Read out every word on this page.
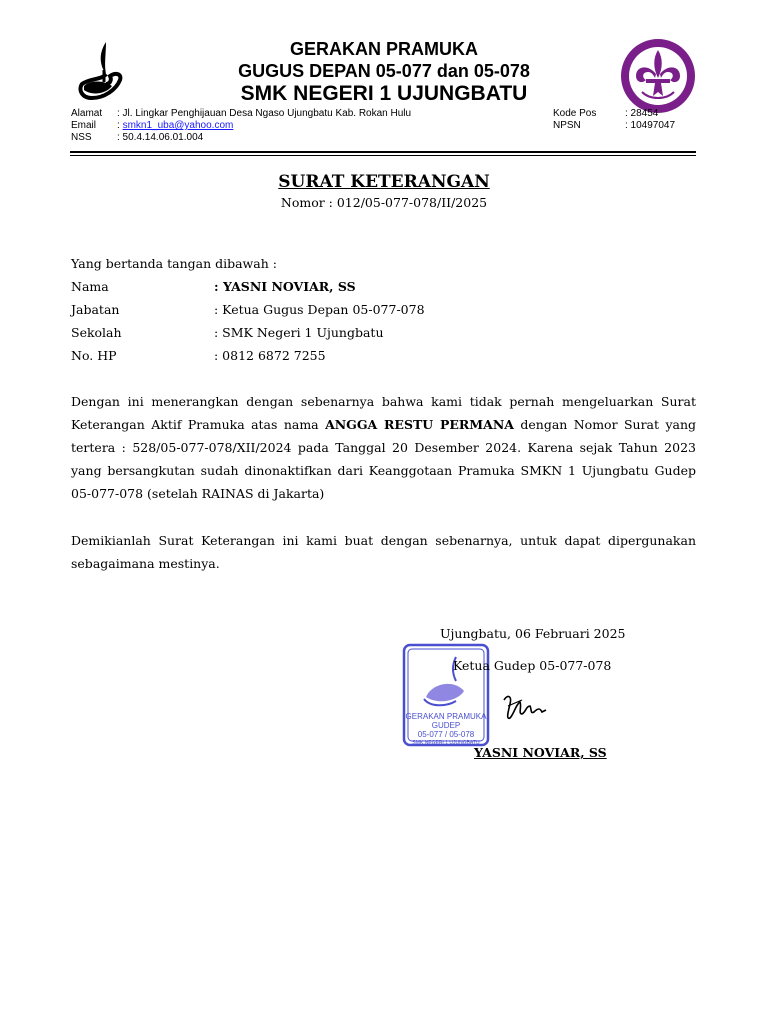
GERAKAN PRAMUKA
GUGUS DEPAN 05-077 dan 05-078
SMK NEGERI 1 UJUNGBATU
Alamat : Jl. Lingkar Penghijauan Desa Ngaso Ujungbatu Kab. Rokan Hulu
Email : smkn1_uba@yahoo.com
NSS	: 50.4.14.06.01.004
Kode Pos	: 28454
NPSN	: 10497047
SURAT KETERANGAN
Nomor : 012/05-077-078/II/2025
Yang bertanda tangan dibawah :
Nama	: YASNI NOVIAR, SS
Jabatan	: Ketua Gugus Depan 05-077-078
Sekolah	: SMK Negeri 1 Ujungbatu
No. HP	: 0812 6872 7255
Dengan ini menerangkan dengan sebenarnya bahwa kami tidak pernah mengeluarkan Surat Keterangan Aktif Pramuka atas nama ANGGA RESTU PERMANA dengan Nomor Surat yang tertera : 528/05-077-078/XII/2024 pada Tanggal 20 Desember 2024. Karena sejak Tahun 2023 yang bersangkutan sudah dinonaktifkan dari Keanggotaan Pramuka SMKN 1 Ujungbatu Gudep 05-077-078 (setelah RAINAS di Jakarta)
Demikianlah Surat Keterangan ini kami buat dengan sebenarnya, untuk dapat dipergunakan sebagaimana mestinya.
Ujungbatu, 06 Februari 2025
GERAKAN PRAMUKA
GUDEP
05-077 / 05-078
SMK NEGERI 1 UJUNGBATU
Ketua Gudep 05-077-078
YASNI NOVIAR, SS
